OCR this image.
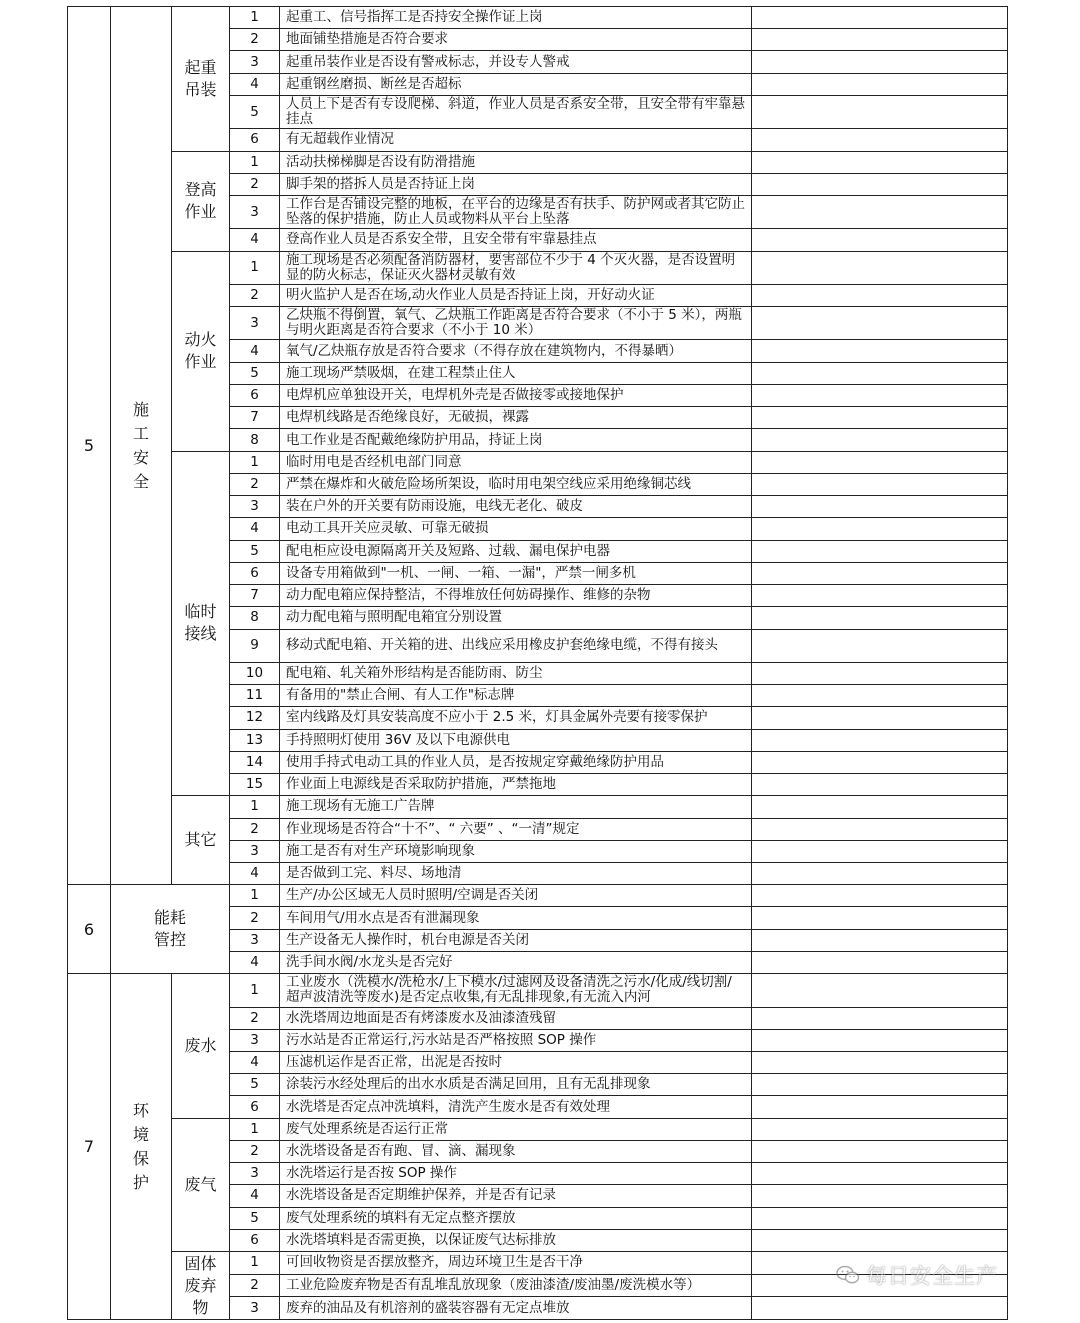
5	施工安全	起重吊装	1	起重工、信号指挥工是否持安全操作证上岗	
			2	地面铺垫措施是否符合要求	
			3	起重吊装作业是否设有警戒标志，并设专人警戒	
			4	起重钢丝磨损、断丝是否超标	
			5	人员上下是否有专设爬梯、斜道，作业人员是否系安全带，且安全带有牢靠悬挂点	
			6	有无超载作业情况	
		登高作业	1	活动扶梯梯脚是否设有防滑措施	
			2	脚手架的搭拆人员是否持证上岗	
			3	工作台是否铺设完整的地板，在平台的边缘是否有扶手、防护网或者其它防止坠落的保护措施，防止人员或物料从平台上坠落	
			4	登高作业人员是否系安全带，且安全带有牢靠悬挂点	
		动火作业	1	施工现场是否必须配备消防器材，要害部位不少于 4 个灭火器，是否设置明显的防火标志，保证灭火器材灵敏有效	
			2	明火监护人是否在场,动火作业人员是否持证上岗，开好动火证	
			3	乙炔瓶不得倒置，氧气、乙炔瓶工作距离是否符合要求（不小于 5 米），两瓶与明火距离是否符合要求（不小于 10 米）	
			4	氧气/乙炔瓶存放是否符合要求（不得存放在建筑物内，不得暴晒）	
			5	施工现场严禁吸烟，在建工程禁止住人	
			6	电焊机应单独设开关，电焊机外壳是否做接零或接地保护	
			7	电焊机线路是否绝缘良好，无破损，裸露	
			8	电工作业是否配戴绝缘防护用品，持证上岗	
		临时接线	1	临时用电是否经机电部门同意	
			2	严禁在爆炸和火破危险场所架设，临时用电架空线应采用绝缘铜芯线	
			3	装在户外的开关要有防雨设施，电线无老化、破皮	
			4	电动工具开关应灵敏、可靠无破损	
			5	配电柜应设电源隔离开关及短路、过载、漏电保护电器	
			6	设备专用箱做到"一机、一闸、一箱、一漏"，严禁一闸多机	
			7	动力配电箱应保持整洁，不得堆放任何妨碍操作、维修的杂物	
			8	动力配电箱与照明配电箱宜分别设置	
			9	移动式配电箱、开关箱的进、出线应采用橡皮护套绝缘电缆，不得有接头	
			10	配电箱、轧关箱外形结构是否能防雨、防尘	
			11	有备用的"禁止合闸、有人工作"标志牌	
			12	室内线路及灯具安装高度不应小于 2.5 米，灯具金属外壳要有接零保护	
			13	手持照明灯使用 36V 及以下电源供电	
			14	使用手持式电动工具的作业人员，是否按规定穿戴绝缘防护用品	
			15	作业面上电源线是否采取防护措施，严禁拖地	
		其它	1	施工现场有无施工广告牌	
			2	作业现场是否符合“十不”、“ 六要” 、“一清”规定	
			3	施工是否有对生产环境影响现象	
			4	是否做到工完、料尽、场地清	
6	能耗管控		1	生产/办公区域无人员时照明/空调是否关闭	
			2	车间用气/用水点是否有泄漏现象	
			3	生产设备无人操作时，机台电源是否关闭	
			4	洗手间水阀/水龙头是否完好	
7	环境保护	废水	1	工业废水（洗模水/洗枪水/上下模水/过滤网及设备清洗之污水/化成/线切割/超声波清洗等废水)是否定点收集,有无乱排现象,有无流入内河	
			2	水洗塔周边地面是否有烤漆废水及油漆渣残留	
			3	污水站是否正常运行,污水站是否严格按照 SOP 操作	
			4	压滤机运作是否正常，出泥是否按时	
			5	涂装污水经处理后的出水水质是否满足回用，且有无乱排现象	
			6	水洗塔是否定点冲洗填料，清洗产生废水是否有效处理	
		废气	1	废气处理系统是否运行正常	
			2	水洗塔设备是否有跑、冒、滴、漏现象	
			3	水洗塔运行是否按 SOP 操作	
			4	水洗塔设备是否定期维护保养，并是否有记录	
			5	废气处理系统的填料有无定点整齐摆放	
			6	水洗塔填料是否需更换，以保证废气达标排放	
		固体废弃物	1	可回收物资是否摆放整齐，周边环境卫生是否干净	
			2	工业危险废弃物是否有乱堆乱放现象（废油漆渣/废油墨/废洗模水等）	
			3	废弃的油品及有机溶剂的盛装容器有无定点堆放	
每日安全生产
